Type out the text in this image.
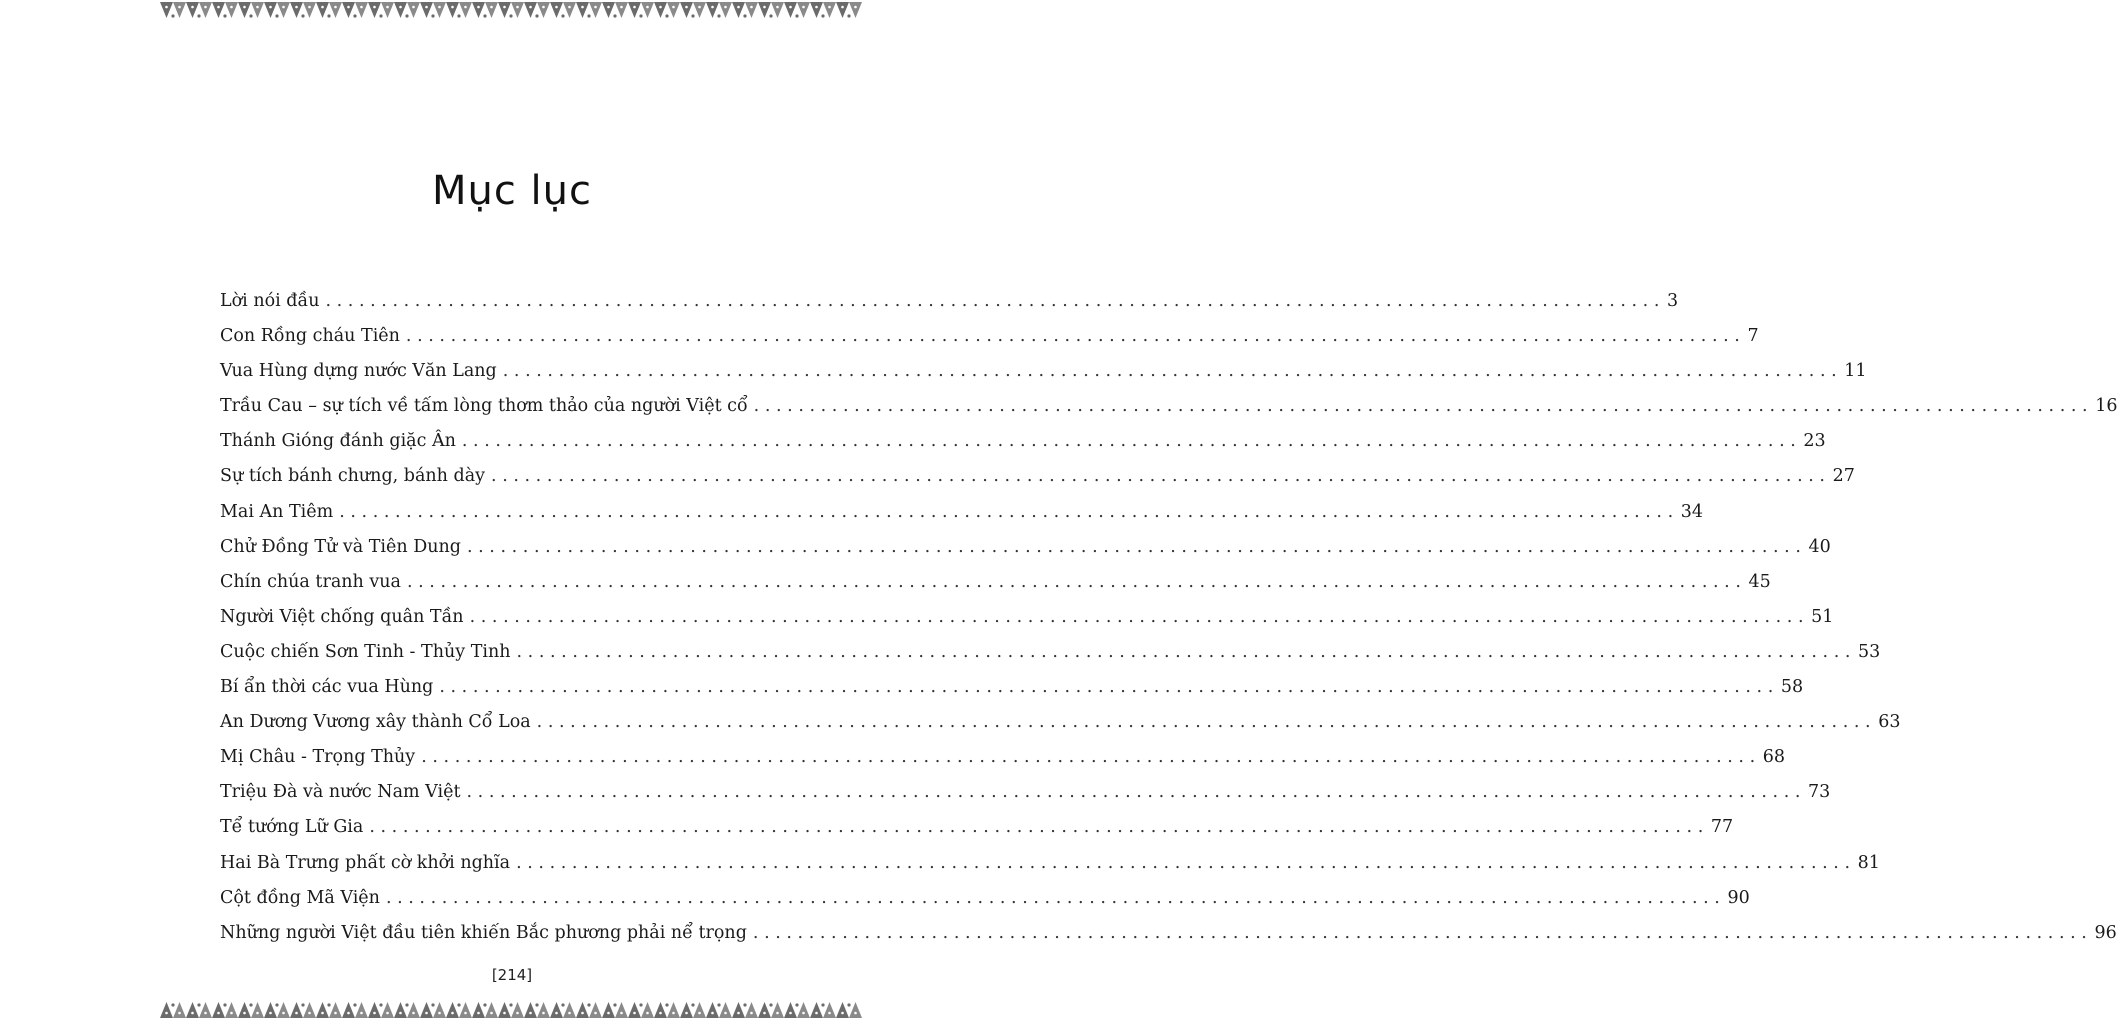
Mục lục
Lời nói đầu ........................................................................................................................ 3
Con Rồng cháu Tiên ........................................................................................................................ 7
Vua Hùng dựng nước Văn Lang ........................................................................................................................ 11
Trầu Cau – sự tích về tấm lòng thơm thảo của người Việt cổ ........................................................................................................................ 16
Thánh Gióng đánh giặc Ân ........................................................................................................................ 23
Sự tích bánh chưng, bánh dày ........................................................................................................................ 27
Mai An Tiêm ........................................................................................................................ 34
Chử Đồng Tử và Tiên Dung ........................................................................................................................ 40
Chín chúa tranh vua ........................................................................................................................ 45
Người Việt chống quân Tần ........................................................................................................................ 51
Cuộc chiến Sơn Tinh - Thủy Tinh ........................................................................................................................ 53
Bí ẩn thời các vua Hùng ........................................................................................................................ 58
An Dương Vương xây thành Cổ Loa ........................................................................................................................ 63
Mị Châu - Trọng Thủy ........................................................................................................................ 68
Triệu Đà và nước Nam Việt ........................................................................................................................ 73
Tể tướng Lữ Gia ........................................................................................................................ 77
Hai Bà Trưng phất cờ khởi nghĩa ........................................................................................................................ 81
Cột đồng Mã Viện ........................................................................................................................ 90
Những người Việt đầu tiên khiến Bắc phương phải nể trọng ........................................................................................................................ 96
[214]
